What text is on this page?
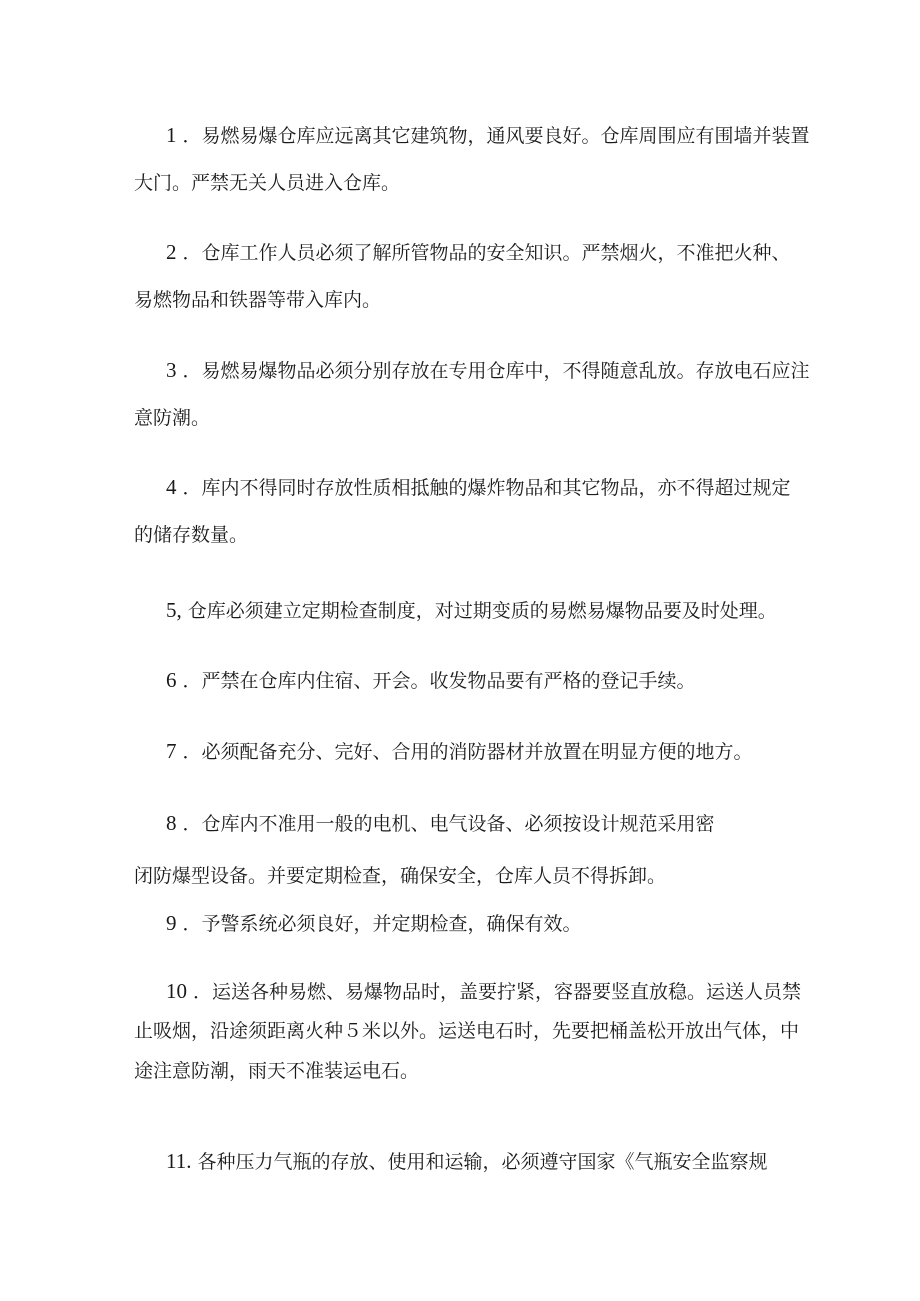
1 ．易燃易爆仓库应远离其它建筑物，通风要良好。仓库周围应有围墙并装置
大门。严禁无关人员进入仓库。
2 ．仓库工作人员必须了解所管物品的安全知识。严禁烟火，不准把火种、
易燃物品和铁器等带入库内。
3 ．易燃易爆物品必须分别存放在专用仓库中，不得随意乱放。存放电石应注
意防潮。
4 ．库内不得同时存放性质相抵触的爆炸物品和其它物品，亦不得超过规定
的储存数量。
5, 仓库必须建立定期检查制度，对过期变质的易燃易爆物品要及时处理。
6 ．严禁在仓库内住宿、开会。收发物品要有严格的登记手续。
7 ．必须配备充分、完好、合用的消防器材并放置在明显方便的地方。
8 ．仓库内不准用一般的电机、电气设备、必须按设计规范采用密
闭防爆型设备。并要定期检查，确保安全，仓库人员不得拆卸。
9 ．予警系统必须良好，并定期检查，确保有效。
10 ．运送各种易燃、易爆物品时，盖要拧紧，容器要竖直放稳。运送人员禁
止吸烟，沿途须距离火种５米以外。运送电石时，先要把桶盖松开放出气体，中
途注意防潮，雨天不准装运电石。
11. 各种压力气瓶的存放、使用和运输，必须遵守国家《气瓶安全监察规
